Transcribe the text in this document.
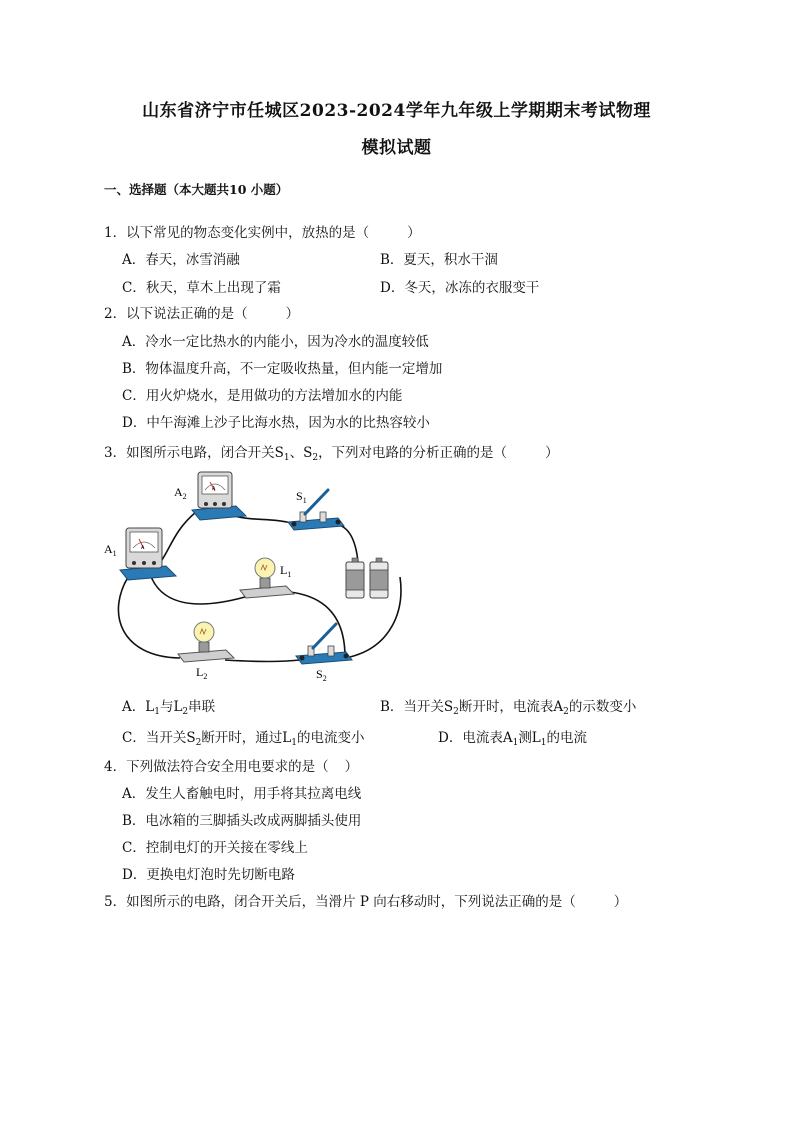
山东省济宁市任城区2023-2024学年九年级上学期期末考试物理
模拟试题
一、选择题（本大题共10 小题）
1．以下常见的物态变化实例中，放热的是（	）
A．春天，冰雪消融	B．夏天，积水干涸
C．秋天，草木上出现了霜	D．冬天，冰冻的衣服变干
2．以下说法正确的是（	）
A．冷水一定比热水的内能小，因为冷水的温度较低
B．物体温度升高，不一定吸收热量，但内能一定增加
C．用火炉烧水，是用做功的方法增加水的内能
D．中午海滩上沙子比海水热，因为水的比热容较小
3．如图所示电路，闭合开关$S_1$、$S_2$，下列对电路的分析正确的是（	）
A
$A_2$
A
$A_1$
$S_1$
$L_1$
$L_2$	$S_2$
A．$L_1$与$L_2$串联	B．当开关$S_2$断开时，电流表$A_2$的示数变小
C．当开关$S_2$断开时，通过$L_1$的电流变小	D．电流表$A_1$测$L_1$的电流
4．下列做法符合安全用电要求的是（ ）
A．发生人畜触电时，用手将其拉离电线
B．电冰箱的三脚插头改成两脚插头使用
C．控制电灯的开关接在零线上
D．更换电灯泡时先切断电路
5．如图所示的电路，闭合开关后，当滑片 P 向右移动时，下列说法正确的是（	）
